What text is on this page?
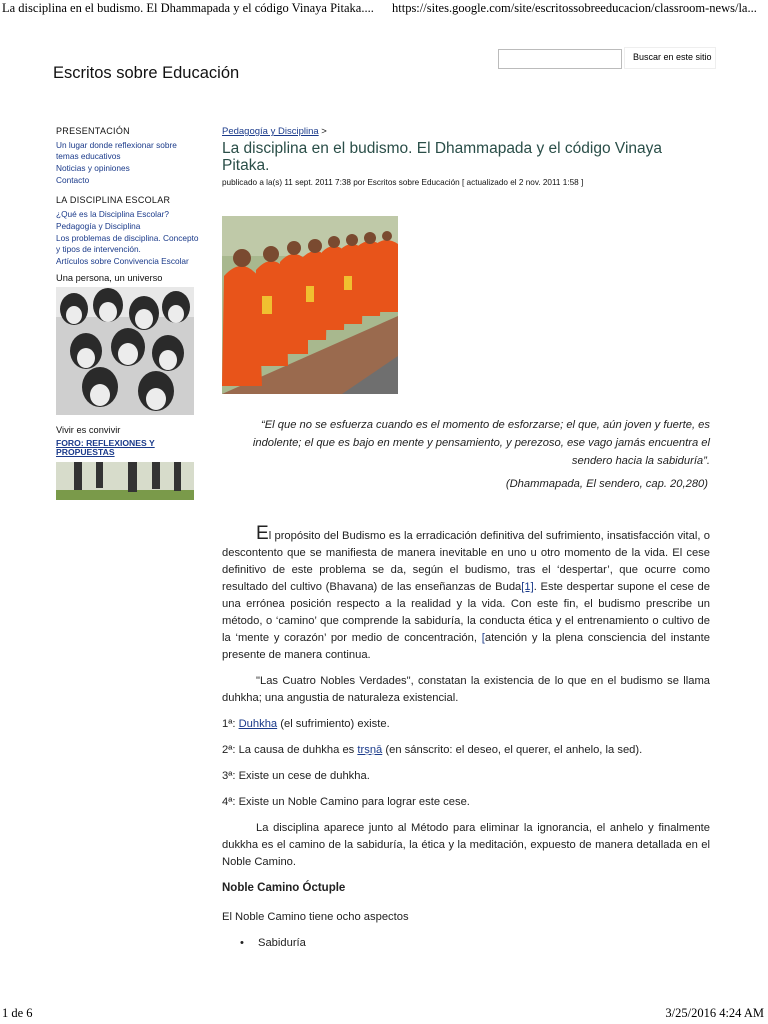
La disciplina en el budismo. El Dhammapada y el código Vinaya Pitaka.... https://sites.google.com/site/escritossobreeducacion/classroom-news/la...
Escritos sobre Educación
Buscar en este sitio
PRESENTACIÓN
Un lugar donde reflexionar sobre temas educativos
Noticias y opiniones
Contacto
LA DISCIPLINA ESCOLAR
¿Qué es la Disciplina Escolar?
Pedagogía y Disciplina
Los problemas de disciplina. Concepto y tipos de intervención.
Artículos sobre Convivencia Escolar
Una persona, un universo
Vivir es convivir
FORO: REFLEXIONES Y PROPUESTAS
Pedagogía y Disciplina >
La disciplina en el budismo. El Dhammapada y el código Vinaya Pitaka.
publicado a la(s) 11 sept. 2011 7:38 por Escritos sobre Educación [ actualizado el 2 nov. 2011 1:58 ]
“El que no se esfuerza cuando es el momento de esforzarse; el que, aún joven y fuerte, es indolente; el que es bajo en mente y pensamiento, y perezoso, ese vago jamás encuentra el sendero hacia la sabiduría”.
(Dhammapada, El sendero, cap. 20,280)

El propósito del Budismo es la erradicación definitiva del sufrimiento, insatisfacción vital, o descontento que se manifiesta de manera inevitable en uno u otro momento de la vida. El cese definitivo de este problema se da, según el budismo, tras el ‘despertar’, que ocurre como resultado del cultivo (Bhavana) de las enseñanzas de Buda[1]. Este despertar supone el cese de una errónea posición respecto a la realidad y la vida. Con este fin, el budismo prescribe un método, o ‘camino’ que comprende la sabiduría, la conducta ética y el entrenamiento o cultivo de la ‘mente y corazón’ por medio de concentración, [atención y la plena consciencia del instante presente de manera continua.

"Las Cuatro Nobles Verdades", constatan la existencia de lo que en el budismo se llama duhkha; una angustia de naturaleza existencial.

1ª: Duhkha (el sufrimiento) existe.

2ª: La causa de duhkha es trṣṇā (en sánscrito: el deseo, el querer, el anhelo, la sed).

3ª: Existe un cese de duhkha.

4ª: Existe un Noble Camino para lograr este cese.

La disciplina aparece junto al Método para eliminar la ignorancia, el anhelo y finalmente dukkha es el camino de la sabiduría, la ética y la meditación, expuesto de manera detallada en el Noble Camino.

Noble Camino Óctuple

El Noble Camino tiene ocho aspectos

• Sabiduría
1 de 6	3/25/2016 4:24 AM
